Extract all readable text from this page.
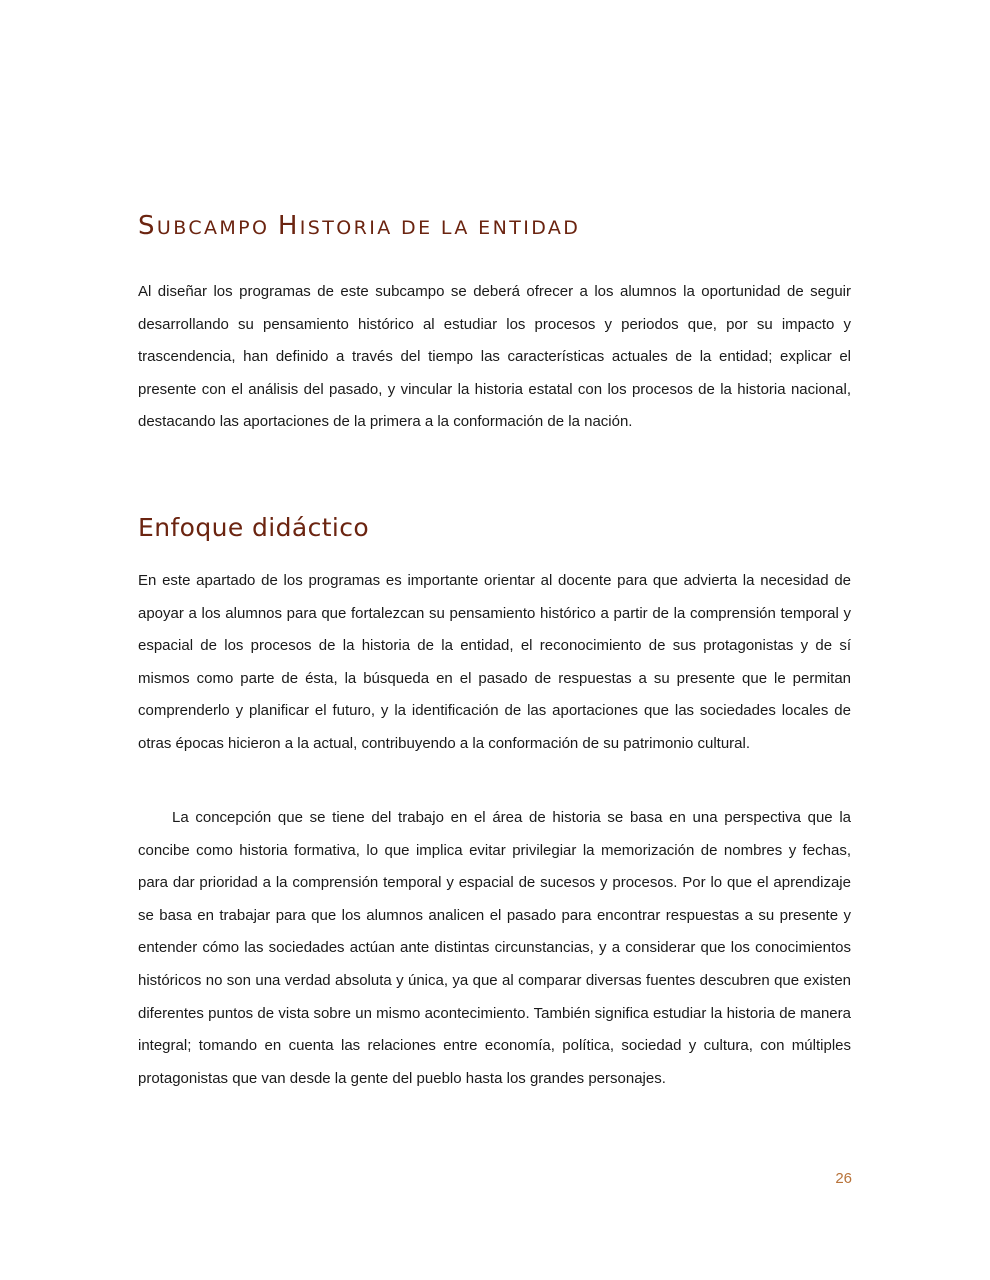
SUBCAMPO HISTORIA DE LA ENTIDAD

Al diseñar los programas de este subcampo se deberá ofrecer a los alumnos la oportunidad de seguir desarrollando su pensamiento histórico al estudiar los procesos y periodos que, por su impacto y trascendencia, han definido a través del tiempo las características actuales de la entidad; explicar el presente con el análisis del pasado, y vincular la historia estatal con los procesos de la historia nacional, destacando las aportaciones de la primera a la conformación de la nación.

Enfoque didáctico

En este apartado de los programas es importante orientar al docente para que advierta la necesidad de apoyar a los alumnos para que fortalezcan su pensamiento histórico a partir de la comprensión temporal y espacial de los procesos de la historia de la entidad, el reconocimiento de sus protagonistas y de sí mismos como parte de ésta, la búsqueda en el pasado de respuestas a su presente que le permitan comprenderlo y planificar el futuro, y la identificación de las aportaciones que las sociedades locales de otras épocas hicieron a la actual, contribuyendo a la conformación de su patrimonio cultural.

La concepción que se tiene del trabajo en el área de historia se basa en una perspectiva que la concibe como historia formativa, lo que implica evitar privilegiar la memorización de nombres y fechas, para dar prioridad a la comprensión temporal y espacial de sucesos y procesos. Por lo que el aprendizaje se basa en trabajar para que los alumnos analicen el pasado para encontrar respuestas a su presente y entender cómo las sociedades actúan ante distintas circunstancias, y a considerar que los conocimientos históricos no son una verdad absoluta y única, ya que al comparar diversas fuentes descubren que existen diferentes puntos de vista sobre un mismo acontecimiento. También significa estudiar la historia de manera integral; tomando en cuenta las relaciones entre economía, política, sociedad y cultura, con múltiples protagonistas que van desde la gente del pueblo hasta los grandes personajes.

26
